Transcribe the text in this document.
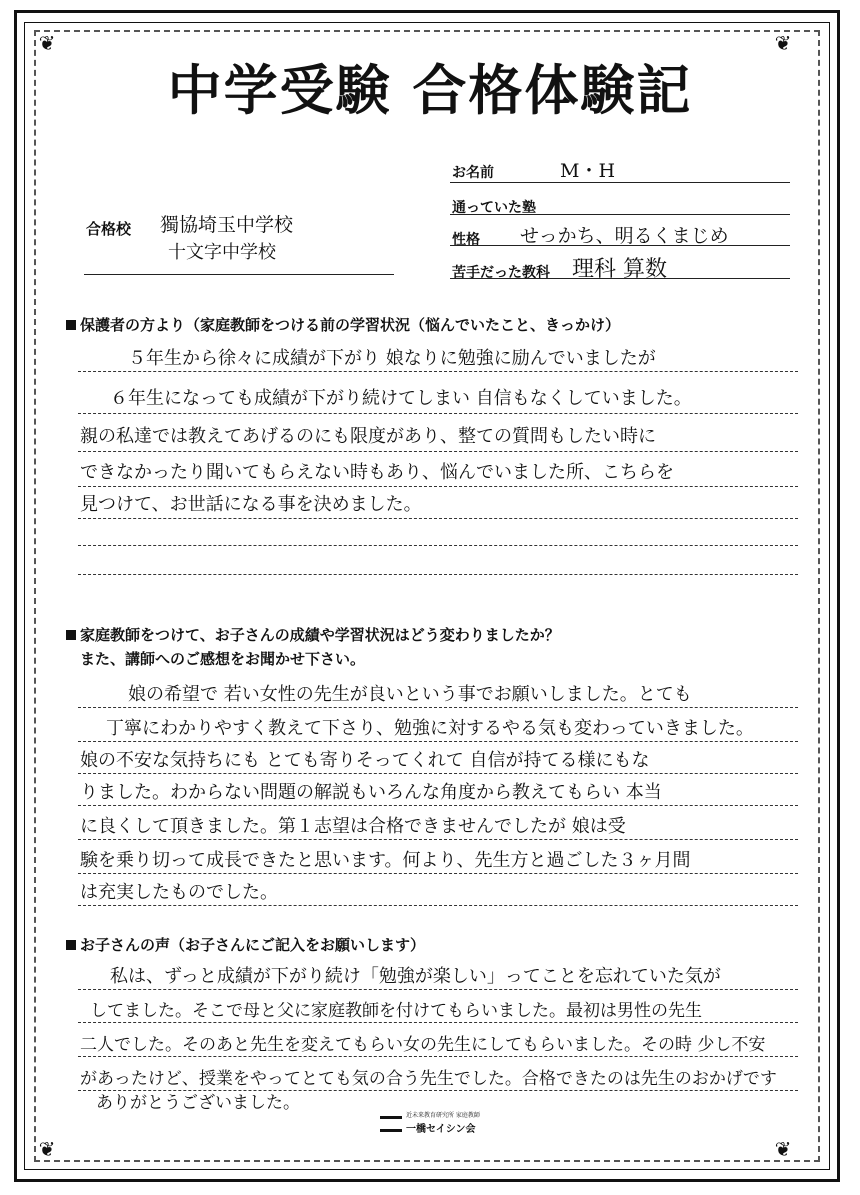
❦	❦
❦	❦
中学受験 合格体験記
お名前	M・H
通っていた塾
性格 せっかち、明るくまじめ
苦手だった教科 理科 算数
合格校 獨協埼玉中学校
十文字中学校
保護者の方より（家庭教師をつける前の学習状況（悩んでいたこと、きっかけ）
５年生から徐々に成績が下がり 娘なりに勉強に励んでいましたが
６年生になっても成績が下がり続けてしまい 自信もなくしていました。
親の私達では教えてあげるのにも限度があり、整ての質問もしたい時に
できなかったり聞いてもらえない時もあり、悩んでいました所、こちらを
見つけて、お世話になる事を決めました。
家庭教師をつけて、お子さんの成績や学習状況はどう変わりましたか？
また、講師へのご感想をお聞かせ下さい。
娘の希望で 若い女性の先生が良いという事でお願いしました。とても
丁寧にわかりやすく教えて下さり、勉強に対するやる気も変わっていきました。
娘の不安な気持ちにも とても寄りそってくれて 自信が持てる様にもな
りました。わからない問題の解説もいろんな角度から教えてもらい 本当
に良くして頂きました。第１志望は合格できませんでしたが 娘は受
験を乗り切って成長できたと思います。何より、先生方と過ごした３ヶ月間
は充実したものでした。
お子さんの声（お子さんにご記入をお願いします）
私は、ずっと成績が下がり続け「勉強が楽しい」ってことを忘れていた気が
してました。そこで母と父に家庭教師を付けてもらいました。最初は男性の先生
二人でした。そのあと先生を変えてもらい女の先生にしてもらいました。その時 少し不安
があったけど、授業をやってとても気の合う先生でした。合格できたのは先生のおかげです
ありがとうございました。
近未来教育研究所 家庭教師
一橋セイシン会
